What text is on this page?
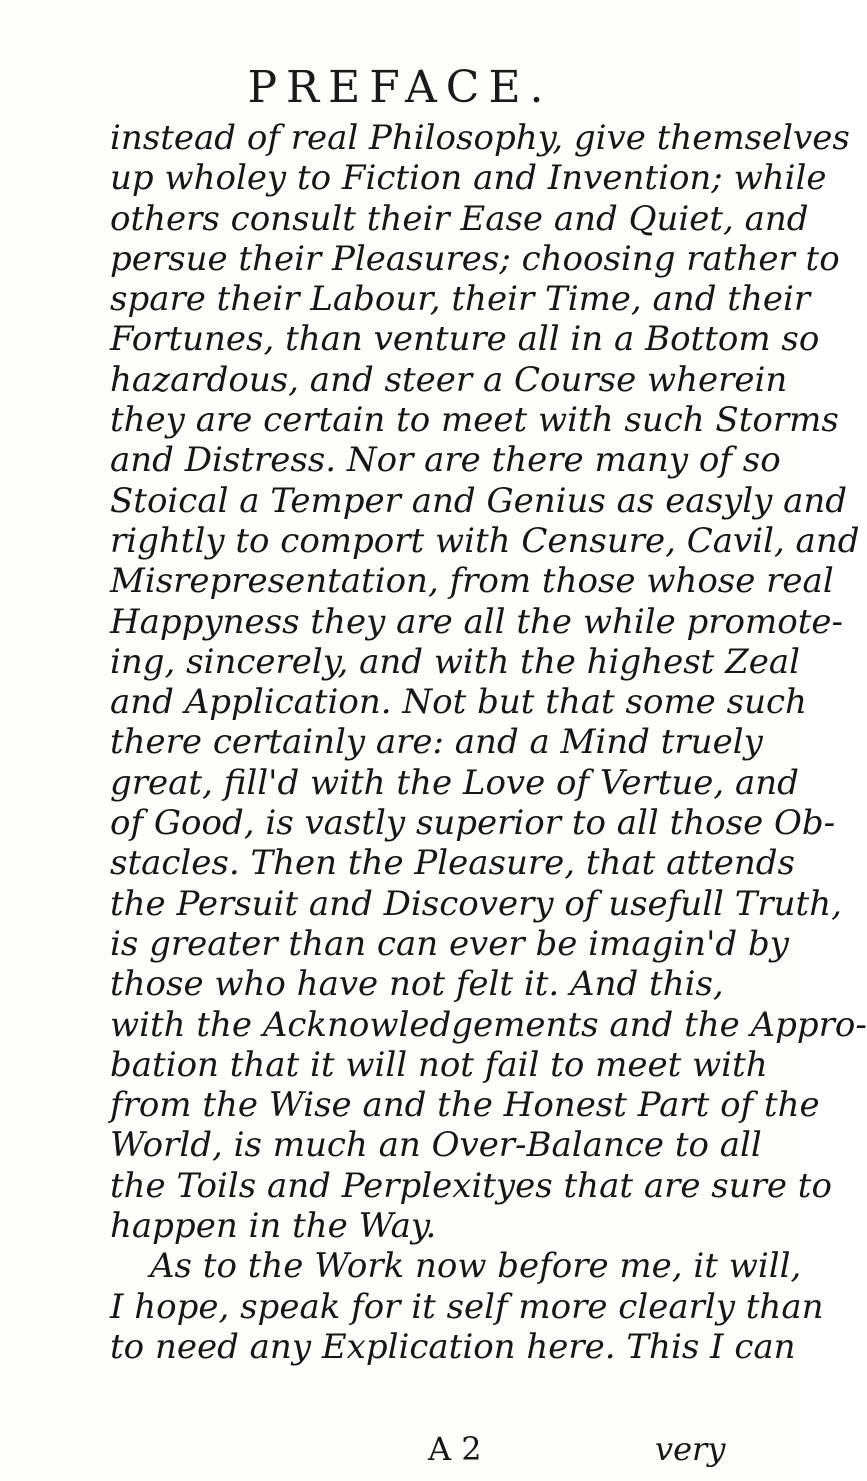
PREFACE.
instead of real Philosophy, give themselves
up wholey to Fiction and Invention; while
others consult their Ease and Quiet, and
persue their Pleasures; choosing rather to
spare their Labour, their Time, and their
Fortunes, than venture all in a Bottom so
hazardous, and steer a Course wherein
they are certain to meet with such Storms
and Distress. Nor are there many of so
Stoical a Temper and Genius as easyly and
rightly to comport with Censure, Cavil, and
Misrepresentation, from those whose real
Happyness they are all the while promote-
ing, sincerely, and with the highest Zeal
and Application. Not but that some such
there certainly are: and a Mind truely
great, fill'd with the Love of Vertue, and
of Good, is vastly superior to all those Ob-
stacles. Then the Pleasure, that attends
the Persuit and Discovery of usefull Truth,
is greater than can ever be imagin'd by
those who have not felt it. And this,
with the Acknowledgements and the Appro-
bation that it will not fail to meet with
from the Wise and the Honest Part of the
World, is much an Over-Balance to all
the Toils and Perplexityes that are sure to
happen in the Way.
As to the Work now before me, it will,
I hope, speak for it self more clearly than
to need any Explication here. This I can
A 2	very
